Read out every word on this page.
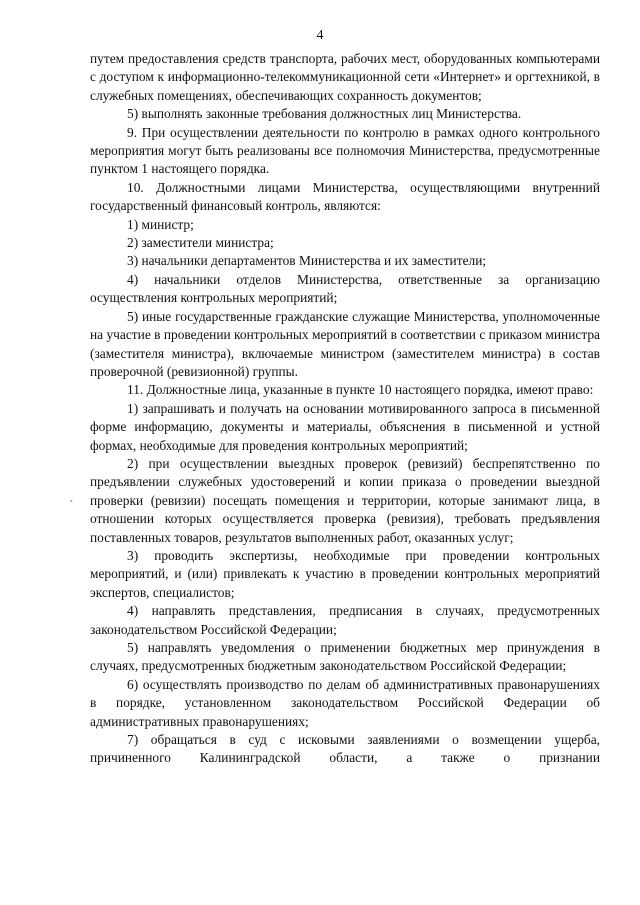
4
•

путем предоставления средств транспорта, рабочих мест, оборудованных компьютерами с доступом к информационно-телекоммуникационной сети «Интернет» и оргтехникой, в служебных помещениях, обеспечивающих сохранность документов;

5) выполнять законные требования должностных лиц Министерства.

9. При осуществлении деятельности по контролю в рамках одного контрольного мероприятия могут быть реализованы все полномочия Министерства, предусмотренные пунктом 1 настоящего порядка.

10. Должностными лицами Министерства, осуществляющими внутренний государственный финансовый контроль, являются:

1) министр;

2) заместители министра;

3) начальники департаментов Министерства и их заместители;

4) начальники отделов Министерства, ответственные за организацию осуществления контрольных мероприятий;

5) иные государственные гражданские служащие Министерства, уполномоченные на участие в проведении контрольных мероприятий в соответствии с приказом министра (заместителя министра), включаемые министром (заместителем министра) в состав проверочной (ревизионной) группы.

11. Должностные лица, указанные в пункте 10 настоящего порядка, имеют право:

1) запрашивать и получать на основании мотивированного запроса в письменной форме информацию, документы и материалы, объяснения в письменной и устной формах, необходимые для проведения контрольных мероприятий;

2) при осуществлении выездных проверок (ревизий) беспрепятственно по предъявлении служебных удостоверений и копии приказа о проведении выездной проверки (ревизии) посещать помещения и территории, которые занимают лица, в отношении которых осуществляется проверка (ревизия), требовать предъявления поставленных товаров, результатов выполненных работ, оказанных услуг;

3) проводить экспертизы, необходимые при проведении контрольных мероприятий, и (или) привлекать к участию в проведении контрольных мероприятий экспертов, специалистов;

4) направлять представления, предписания в случаях, предусмотренных законодательством Российской Федерации;

5) направлять уведомления о применении бюджетных мер принуждения в случаях, предусмотренных бюджетным законодательством Российской Федерации;

6) осуществлять производство по делам об административных правонарушениях в порядке, установленном законодательством Российской Федерации об административных правонарушениях;

7) обращаться в суд с исковыми заявлениями о возмещении ущерба, причиненного Калининградской области, а также о признании
